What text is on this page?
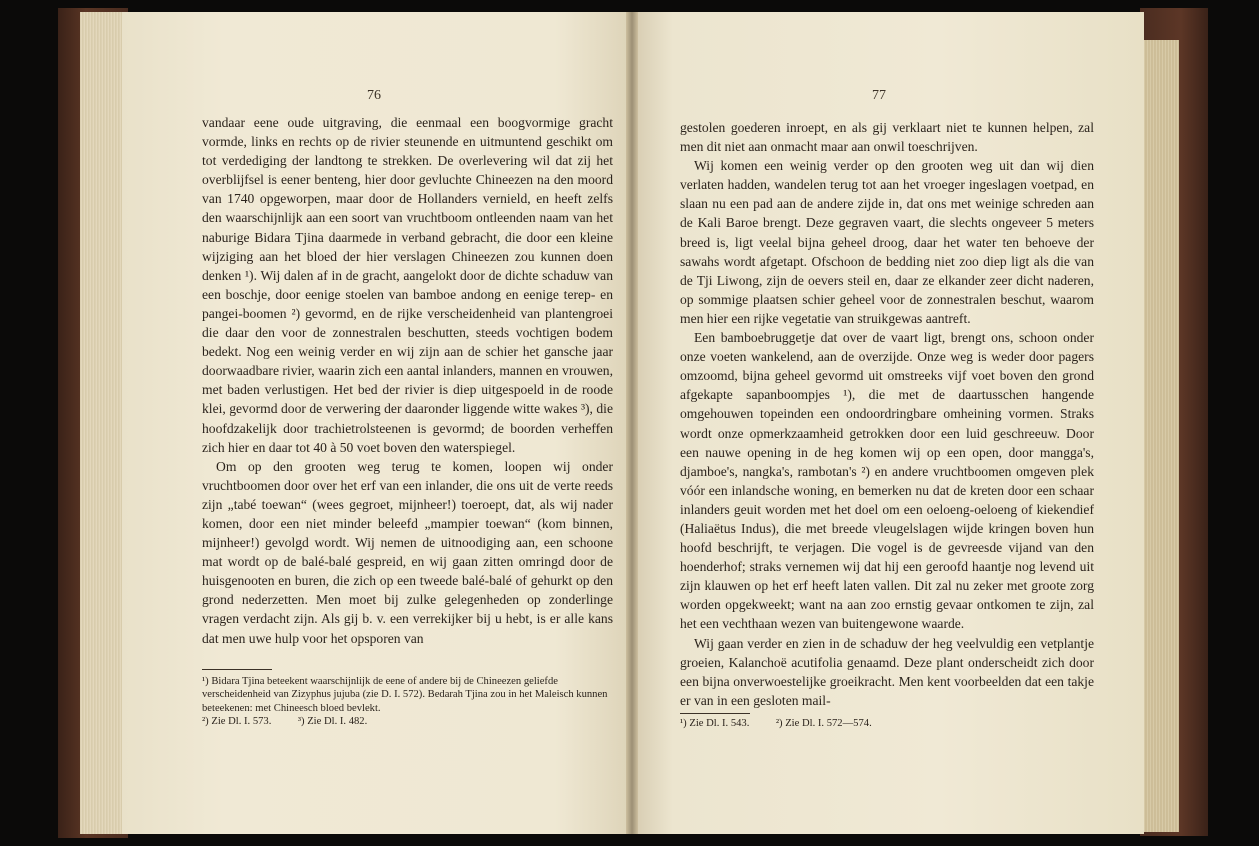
76

vandaar eene oude uitgraving, die eenmaal een boogvormige gracht vormde, links en rechts op de rivier steunende en uitmuntend geschikt om tot verdediging der landtong te strekken. De overlevering wil dat zij het overblijfsel is eener benteng, hier door gevluchte Chineezen na den moord van 1740 opgeworpen, maar door de Hollanders vernield, en heeft zelfs den waarschijnlijk aan een soort van vruchtboom ontleenden naam van het naburige Bidara Tjina daarmede in verband gebracht, die door een kleine wijziging aan het bloed der hier verslagen Chineezen zou kunnen doen denken ¹). Wij dalen af in de gracht, aangelokt door de dichte schaduw van een boschje, door eenige stoelen van bamboe andong en eenige terep- en pangei-boomen ²) gevormd, en de rijke verscheidenheid van plantengroei die daar den voor de zonnestralen beschutten, steeds vochtigen bodem bedekt. Nog een weinig verder en wij zijn aan de schier het gansche jaar doorwaadbare rivier, waarin zich een aantal inlanders, mannen en vrouwen, met baden verlustigen. Het bed der rivier is diep uitgespoeld in de roode klei, gevormd door de verwering der daaronder liggende witte wakes ³), die hoofdzakelijk door trachietrolsteenen is gevormd; de boorden verheffen zich hier en daar tot 40 à 50 voet boven den waterspiegel.

Om op den grooten weg terug te komen, loopen wij onder vruchtboomen door over het erf van een inlander, die ons uit de verte reeds zijn „tabé toewan“ (wees gegroet, mijnheer!) toeroept, dat, als wij nader komen, door een niet minder beleefd „mampier toewan“ (kom binnen, mijnheer!) gevolgd wordt. Wij nemen de uitnoodiging aan, een schoone mat wordt op de balé-balé gespreid, en wij gaan zitten omringd door de huisgenooten en buren, die zich op een tweede balé-balé of gehurkt op den grond nederzetten. Men moet bij zulke gelegenheden op zonderlinge vragen verdacht zijn. Als gij b. v. een verrekijker bij u hebt, is er alle kans dat men uwe hulp voor het opsporen van

¹) Bidara Tjina beteekent waarschijnlijk de eene of andere bij de Chineezen geliefde verscheidenheid van Zizyphus jujuba (zie D. I. 572). Bedarah Tjina zou in het Maleisch kunnen beteekenen: met Chineesch bloed bevlekt.

²) Zie Dl. I. 573.          ³) Zie Dl. I. 482.

77

gestolen goederen inroept, en als gij verklaart niet te kunnen helpen, zal men dit niet aan onmacht maar aan onwil toeschrijven.

Wij komen een weinig verder op den grooten weg uit dan wij dien verlaten hadden, wandelen terug tot aan het vroeger ingeslagen voetpad, en slaan nu een pad aan de andere zijde in, dat ons met weinige schreden aan de Kali Baroe brengt. Deze gegraven vaart, die slechts ongeveer 5 meters breed is, ligt veelal bijna geheel droog, daar het water ten behoeve der sawahs wordt afgetapt. Ofschoon de bedding niet zoo diep ligt als die van de Tji Liwong, zijn de oevers steil en, daar ze elkander zeer dicht naderen, op sommige plaatsen schier geheel voor de zonnestralen beschut, waarom men hier een rijke vegetatie van struikgewas aantreft.

Een bamboebruggetje dat over de vaart ligt, brengt ons, schoon onder onze voeten wankelend, aan de overzijde. Onze weg is weder door pagers omzoomd, bijna geheel gevormd uit omstreeks vijf voet boven den grond afgekapte sapanboompjes ¹), die met de daartusschen hangende omgehouwen topeinden een ondoordringbare omheining vormen. Straks wordt onze opmerkzaamheid getrokken door een luid geschreeuw. Door een nauwe opening in de heg komen wij op een open, door mangga's, djamboe's, nangka's, rambotan's ²) en andere vruchtboomen omgeven plek vóór een inlandsche woning, en bemerken nu dat de kreten door een schaar inlanders geuit worden met het doel om een oeloeng-oeloeng of kiekendief (Haliaëtus Indus), die met breede vleugelslagen wijde kringen boven hun hoofd beschrijft, te verjagen. Die vogel is de gevreesde vijand van den hoenderhof; straks vernemen wij dat hij een geroofd haantje nog levend uit zijn klauwen op het erf heeft laten vallen. Dit zal nu zeker met groote zorg worden opgekweekt; want na aan zoo ernstig gevaar ontkomen te zijn, zal het een vechthaan wezen van buitengewone waarde.

Wij gaan verder en zien in de schaduw der heg veelvuldig een vetplantje groeien, Kalanchoë acutifolia genaamd. Deze plant onderscheidt zich door een bijna onverwoestelijke groeikracht. Men kent voorbeelden dat een takje er van in een gesloten mail-

¹) Zie Dl. I. 543.          ²) Zie Dl. I. 572—574.
